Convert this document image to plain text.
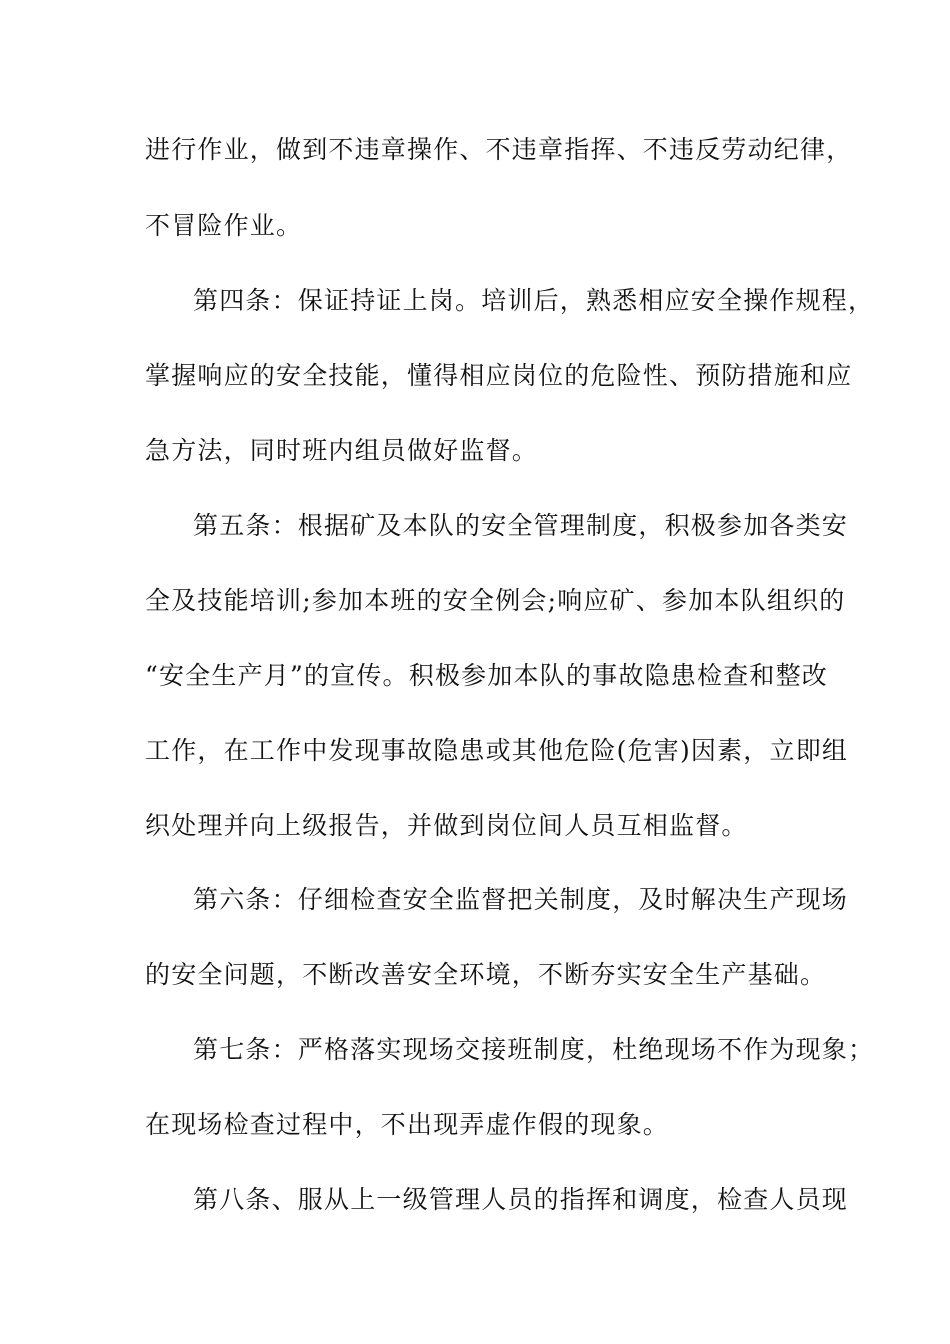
进行作业，做到不违章操作、不违章指挥、不违反劳动纪律，
不冒险作业。
第四条：保证持证上岗。培训后，熟悉相应安全操作规程，
掌握响应的安全技能，懂得相应岗位的危险性、预防措施和应
急方法，同时班内组员做好监督。
第五条：根据矿及本队的安全管理制度，积极参加各类安
全及技能培训;参加本班的安全例会;响应矿、参加本队组织的
“安全生产月”的宣传。积极参加本队的事故隐患检查和整改
工作，在工作中发现事故隐患或其他危险(危害)因素，立即组
织处理并向上级报告，并做到岗位间人员互相监督。
第六条：仔细检查安全监督把关制度，及时解决生产现场
的安全问题，不断改善安全环境，不断夯实安全生产基础。
第七条：严格落实现场交接班制度，杜绝现场不作为现象；
在现场检查过程中，不出现弄虚作假的现象。
第八条、服从上一级管理人员的指挥和调度，检查人员现
